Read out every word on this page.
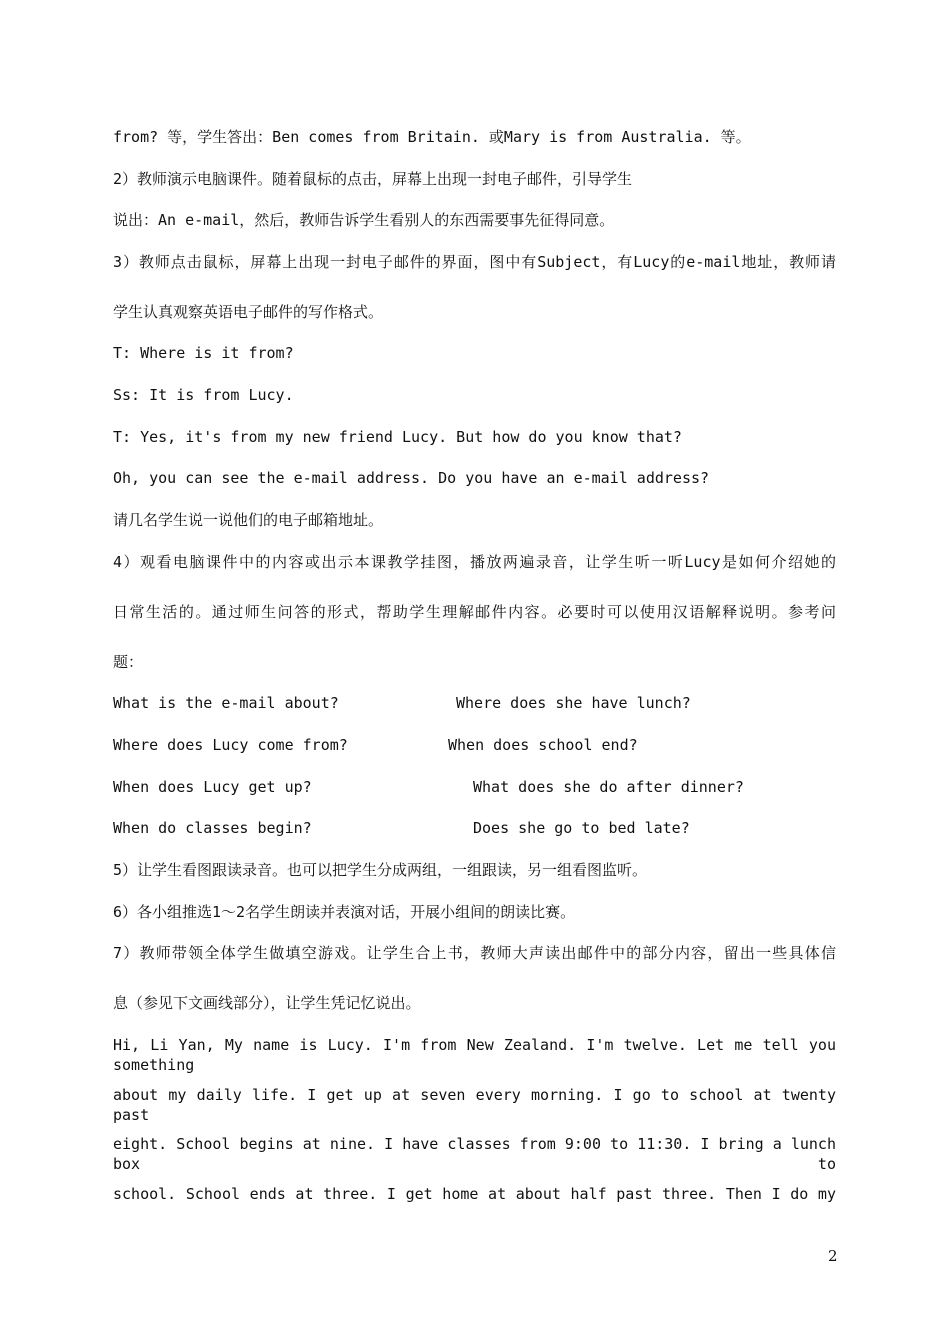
from? 等，学生答出：Ben comes from Britain. 或Mary is from Australia. 等。
2）教师演示电脑课件。随着鼠标的点击，屏幕上出现一封电子邮件，引导学生
说出：An e-mail，然后，教师告诉学生看别人的东西需要事先征得同意。
3）教师点击鼠标，屏幕上出现一封电子邮件的界面，图中有Subject，有Lucy的e-mail地址，教师请
学生认真观察英语电子邮件的写作格式。
T: Where is it from?
Ss: It is from Lucy.
T: Yes, it's from my new friend Lucy. But how do you know that?
Oh, you can see the e-mail address. Do you have an e-mail address?
请几名学生说一说他们的电子邮箱地址。
4）观看电脑课件中的内容或出示本课教学挂图，播放两遍录音，让学生听一听Lucy是如何介绍她的
日常生活的。通过师生问答的形式，帮助学生理解邮件内容。必要时可以使用汉语解释说明。参考问
题：
What is the e-mail about?	Where does she have lunch?
Where does Lucy come from?	When does school end?
When does Lucy get up?	What does she do after dinner?
When do classes begin?	Does she go to bed late?
5）让学生看图跟读录音。也可以把学生分成两组，一组跟读，另一组看图监听。
6）各小组推选1～2名学生朗读并表演对话，开展小组间的朗读比赛。
7）教师带领全体学生做填空游戏。让学生合上书，教师大声读出邮件中的部分内容，留出一些具体信
息（参见下文画线部分），让学生凭记忆说出。
Hi, Li Yan, My name is Lucy. I'm from New Zealand. I'm twelve. Let me tell you something
about my daily life. I get up at seven every morning. I go to school at twenty past
eight. School begins at nine. I have classes from 9:00 to 11:30. I bring a lunch box to
school. School ends at three. I get home at about half past three. Then I do my
2
